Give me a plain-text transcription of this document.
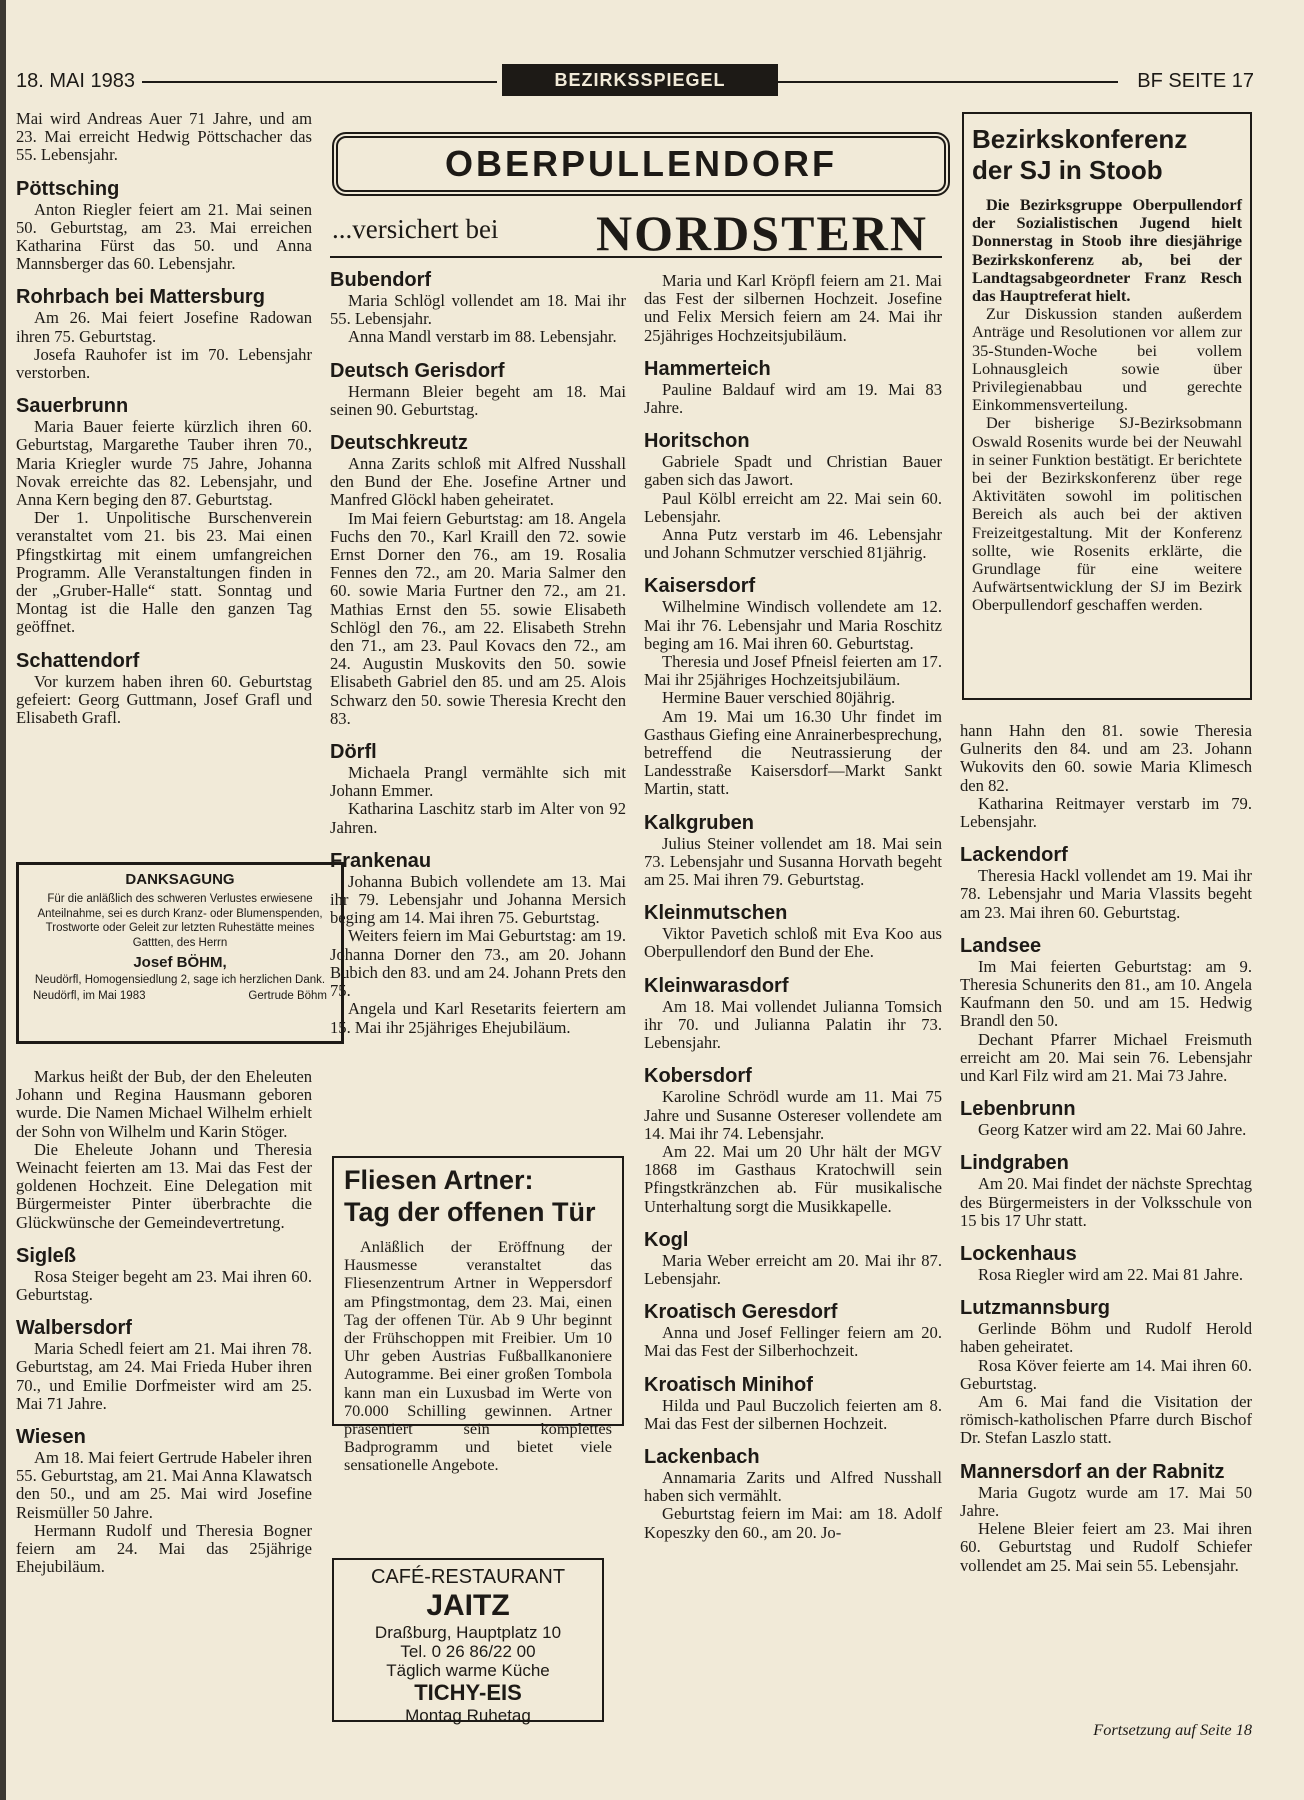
18. MAI 1983	BEZIRKSSPIEGEL	BF SEITE 17

Mai wird Andreas Auer 71 Jahre, und am 23. Mai erreicht Hedwig Pöttschacher das 55. Lebensjahr.

Pöttsching

Anton Riegler feiert am 21. Mai seinen 50. Geburtstag, am 23. Mai erreichen Katharina Fürst das 50. und Anna Mannsberger das 60. Lebensjahr.

Rohrbach bei Mattersburg

Am 26. Mai feiert Josefine Radowan ihren 75. Geburtstag.

Josefa Rauhofer ist im 70. Lebensjahr verstorben.

Sauerbrunn

Maria Bauer feierte kürzlich ihren 60. Geburtstag, Margarethe Tauber ihren 70., Maria Kriegler wurde 75 Jahre, Johanna Novak erreichte das 82. Lebensjahr, und Anna Kern beging den 87. Geburtstag.

Der 1. Unpolitische Burschenverein veranstaltet vom 21. bis 23. Mai einen Pfingstkirtag mit einem umfangreichen Programm. Alle Veranstaltungen finden in der „Gruber-Halle“ statt. Sonntag und Montag ist die Halle den ganzen Tag geöffnet.

Schattendorf

Vor kurzem haben ihren 60. Geburtstag gefeiert: Georg Guttmann, Josef Grafl und Elisabeth Grafl.

DANKSAGUNG
Für die anläßlich des schweren Verlustes erwiesene Anteilnahme, sei es durch Kranz- oder Blumenspenden, Trostworte oder Geleit zur letzten Ruhestätte meines Gattten, des Herrn
Josef BÖHM,
Neudörfl, Homogensiedlung 2, sage ich herzlichen Dank.
Neudörfl, im Mai 1983	Gertrude Böhm

Markus heißt der Bub, der den Eheleuten Johann und Regina Hausmann geboren wurde. Die Namen Michael Wilhelm erhielt der Sohn von Wilhelm und Karin Stöger.

Die Eheleute Johann und Theresia Weinacht feierten am 13. Mai das Fest der goldenen Hochzeit. Eine Delegation mit Bürgermeister Pinter überbrachte die Glückwünsche der Gemeindevertretung.

Sigleß

Rosa Steiger begeht am 23. Mai ihren 60. Geburtstag.

Walbersdorf

Maria Schedl feiert am 21. Mai ihren 78. Geburtstag, am 24. Mai Frieda Huber ihren 70., und Emilie Dorfmeister wird am 25. Mai 71 Jahre.

Wiesen

Am 18. Mai feiert Gertrude Habeler ihren 55. Geburtstag, am 21. Mai Anna Klawatsch den 50., und am 25. Mai wird Josefine Reismüller 50 Jahre.

Hermann Rudolf und Theresia Bogner feiern am 24. Mai das 25jährige Ehejubiläum.

OBERPULLENDORF
...versichert bei NORDSTERN
Bubendorf

Maria Schlögl vollendet am 18. Mai ihr 55. Lebensjahr.

Anna Mandl verstarb im 88. Lebensjahr.

Deutsch Gerisdorf

Hermann Bleier begeht am 18. Mai seinen 90. Geburtstag.

Deutschkreutz

Anna Zarits schloß mit Alfred Nusshall den Bund der Ehe. Josefine Artner und Manfred Glöckl haben geheiratet.

Im Mai feiern Geburtstag: am 18. Angela Fuchs den 70., Karl Kraill den 72. sowie Ernst Dorner den 76., am 19. Rosalia Fennes den 72., am 20. Maria Salmer den 60. sowie Maria Furtner den 72., am 21. Mathias Ernst den 55. sowie Elisabeth Schlögl den 76., am 22. Elisabeth Strehn den 71., am 23. Paul Kovacs den 72., am 24. Augustin Muskovits den 50. sowie Elisabeth Gabriel den 85. und am 25. Alois Schwarz den 50. sowie Theresia Krecht den 83.

Dörfl

Michaela Prangl vermählte sich mit Johann Emmer.

Katharina Laschitz starb im Alter von 92 Jahren.

Frankenau

Johanna Bubich vollendete am 13. Mai ihr 79. Lebensjahr und Johanna Mersich beging am 14. Mai ihren 75. Geburtstag.

Weiters feiern im Mai Geburtstag: am 19. Johanna Dorner den 73., am 20. Johann Bubich den 83. und am 24. Johann Prets den 75.

Angela und Karl Resetarits feiertern am 15. Mai ihr 25jähriges Ehejubiläum.

Fliesen Artner:
Tag der offenen Tür
Anläßlich der Eröffnung der Hausmesse veranstaltet das Fliesenzentrum Artner in Weppersdorf am Pfingstmontag, dem 23. Mai, einen Tag der offenen Tür. Ab 9 Uhr beginnt der Frühschoppen mit Freibier. Um 10 Uhr geben Austrias Fußballkanoniere Autogramme. Bei einer großen Tombola kann man ein Luxusbad im Werte von 70.000 Schilling gewinnen. Artner präsentiert sein komplettes Badprogramm und bietet viele sensationelle Angebote.
CAFÉ-RESTAURANT
JAITZ
Draßburg, Hauptplatz 10
Tel. 0 26 86/22 00
Täglich warme Küche
TICHY-EIS
Montag Ruhetag

Maria und Karl Kröpfl feiern am 21. Mai das Fest der silbernen Hochzeit. Josefine und Felix Mersich feiern am 24. Mai ihr 25jähriges Hochzeitsjubiläum.

Hammerteich

Pauline Baldauf wird am 19. Mai 83 Jahre.

Horitschon

Gabriele Spadt und Christian Bauer gaben sich das Jawort.

Paul Kölbl erreicht am 22. Mai sein 60. Lebensjahr.

Anna Putz verstarb im 46. Lebensjahr und Johann Schmutzer verschied 81jährig.

Kaisersdorf

Wilhelmine Windisch vollendete am 12. Mai ihr 76. Lebensjahr und Maria Roschitz beging am 16. Mai ihren 60. Geburtstag.

Theresia und Josef Pfneisl feierten am 17. Mai ihr 25jähriges Hochzeitsjubiläum.

Hermine Bauer verschied 80jährig.

Am 19. Mai um 16.30 Uhr findet im Gasthaus Giefing eine Anrainerbesprechung, betreffend die Neutrassierung der Landesstraße Kaisersdorf—Markt Sankt Martin, statt.

Kalkgruben

Julius Steiner vollendet am 18. Mai sein 73. Lebensjahr und Susanna Horvath begeht am 25. Mai ihren 79. Geburtstag.

Kleinmutschen

Viktor Pavetich schloß mit Eva Koo aus Oberpullendorf den Bund der Ehe.

Kleinwarasdorf

Am 18. Mai vollendet Julianna Tomsich ihr 70. und Julianna Palatin ihr 73. Lebensjahr.

Kobersdorf

Karoline Schrödl wurde am 11. Mai 75 Jahre und Susanne Ostereser vollendete am 14. Mai ihr 74. Lebensjahr.

Am 22. Mai um 20 Uhr hält der MGV 1868 im Gasthaus Kratochwill sein Pfingstkränzchen ab. Für musikalische Unterhaltung sorgt die Musikkapelle.

Kogl

Maria Weber erreicht am 20. Mai ihr 87. Lebensjahr.

Kroatisch Geresdorf

Anna und Josef Fellinger feiern am 20. Mai das Fest der Silberhochzeit.

Kroatisch Minihof

Hilda und Paul Buczolich feierten am 8. Mai das Fest der silbernen Hochzeit.

Lackenbach

Annamaria Zarits und Alfred Nusshall haben sich vermählt.

Geburtstag feiern im Mai: am 18. Adolf Kopeszky den 60., am 20. Jo-

Bezirkskonferenz
der SJ in Stoob
Die Bezirksgruppe Oberpullendorf der Sozialistischen Jugend hielt Donnerstag in Stoob ihre diesjährige Bezirkskonferenz ab, bei der Landtagsabgeordneter Franz Resch das Hauptreferat hielt.

Zur Diskussion standen außerdem Anträge und Resolutionen vor allem zur 35-Stunden-Woche bei vollem Lohnausgleich sowie über Privilegienabbau und gerechte Einkommensverteilung.

Der bisherige SJ-Bezirksobmann Oswald Rosenits wurde bei der Neuwahl in seiner Funktion bestätigt. Er berichtete bei der Bezirkskonferenz über rege Aktivitäten sowohl im politischen Bereich als auch bei der aktiven Freizeitgestaltung. Mit der Konferenz sollte, wie Rosenits erklärte, die Grundlage für eine weitere Aufwärtsentwicklung der SJ im Bezirk Oberpullendorf geschaffen werden.

hann Hahn den 81. sowie Theresia Gulnerits den 84. und am 23. Johann Wukovits den 60. sowie Maria Klimesch den 82.

Katharina Reitmayer verstarb im 79. Lebensjahr.

Lackendorf

Theresia Hackl vollendet am 19. Mai ihr 78. Lebensjahr und Maria Vlassits begeht am 23. Mai ihren 60. Geburtstag.

Landsee

Im Mai feierten Geburtstag: am 9. Theresia Schunerits den 81., am 10. Angela Kaufmann den 50. und am 15. Hedwig Brandl den 50.

Dechant Pfarrer Michael Freismuth erreicht am 20. Mai sein 76. Lebensjahr und Karl Filz wird am 21. Mai 73 Jahre.

Lebenbrunn

Georg Katzer wird am 22. Mai 60 Jahre.

Lindgraben

Am 20. Mai findet der nächste Sprechtag des Bürgermeisters in der Volksschule von 15 bis 17 Uhr statt.

Lockenhaus

Rosa Riegler wird am 22. Mai 81 Jahre.

Lutzmannsburg

Gerlinde Böhm und Rudolf Herold haben geheiratet.

Rosa Köver feierte am 14. Mai ihren 60. Geburtstag.

Am 6. Mai fand die Visitation der römisch-katholischen Pfarre durch Bischof Dr. Stefan Laszlo statt.

Mannersdorf an der Rabnitz

Maria Gugotz wurde am 17. Mai 50 Jahre.

Helene Bleier feiert am 23. Mai ihren 60. Geburtstag und Rudolf Schiefer vollendet am 25. Mai sein 55. Lebensjahr.

Fortsetzung auf Seite 18
